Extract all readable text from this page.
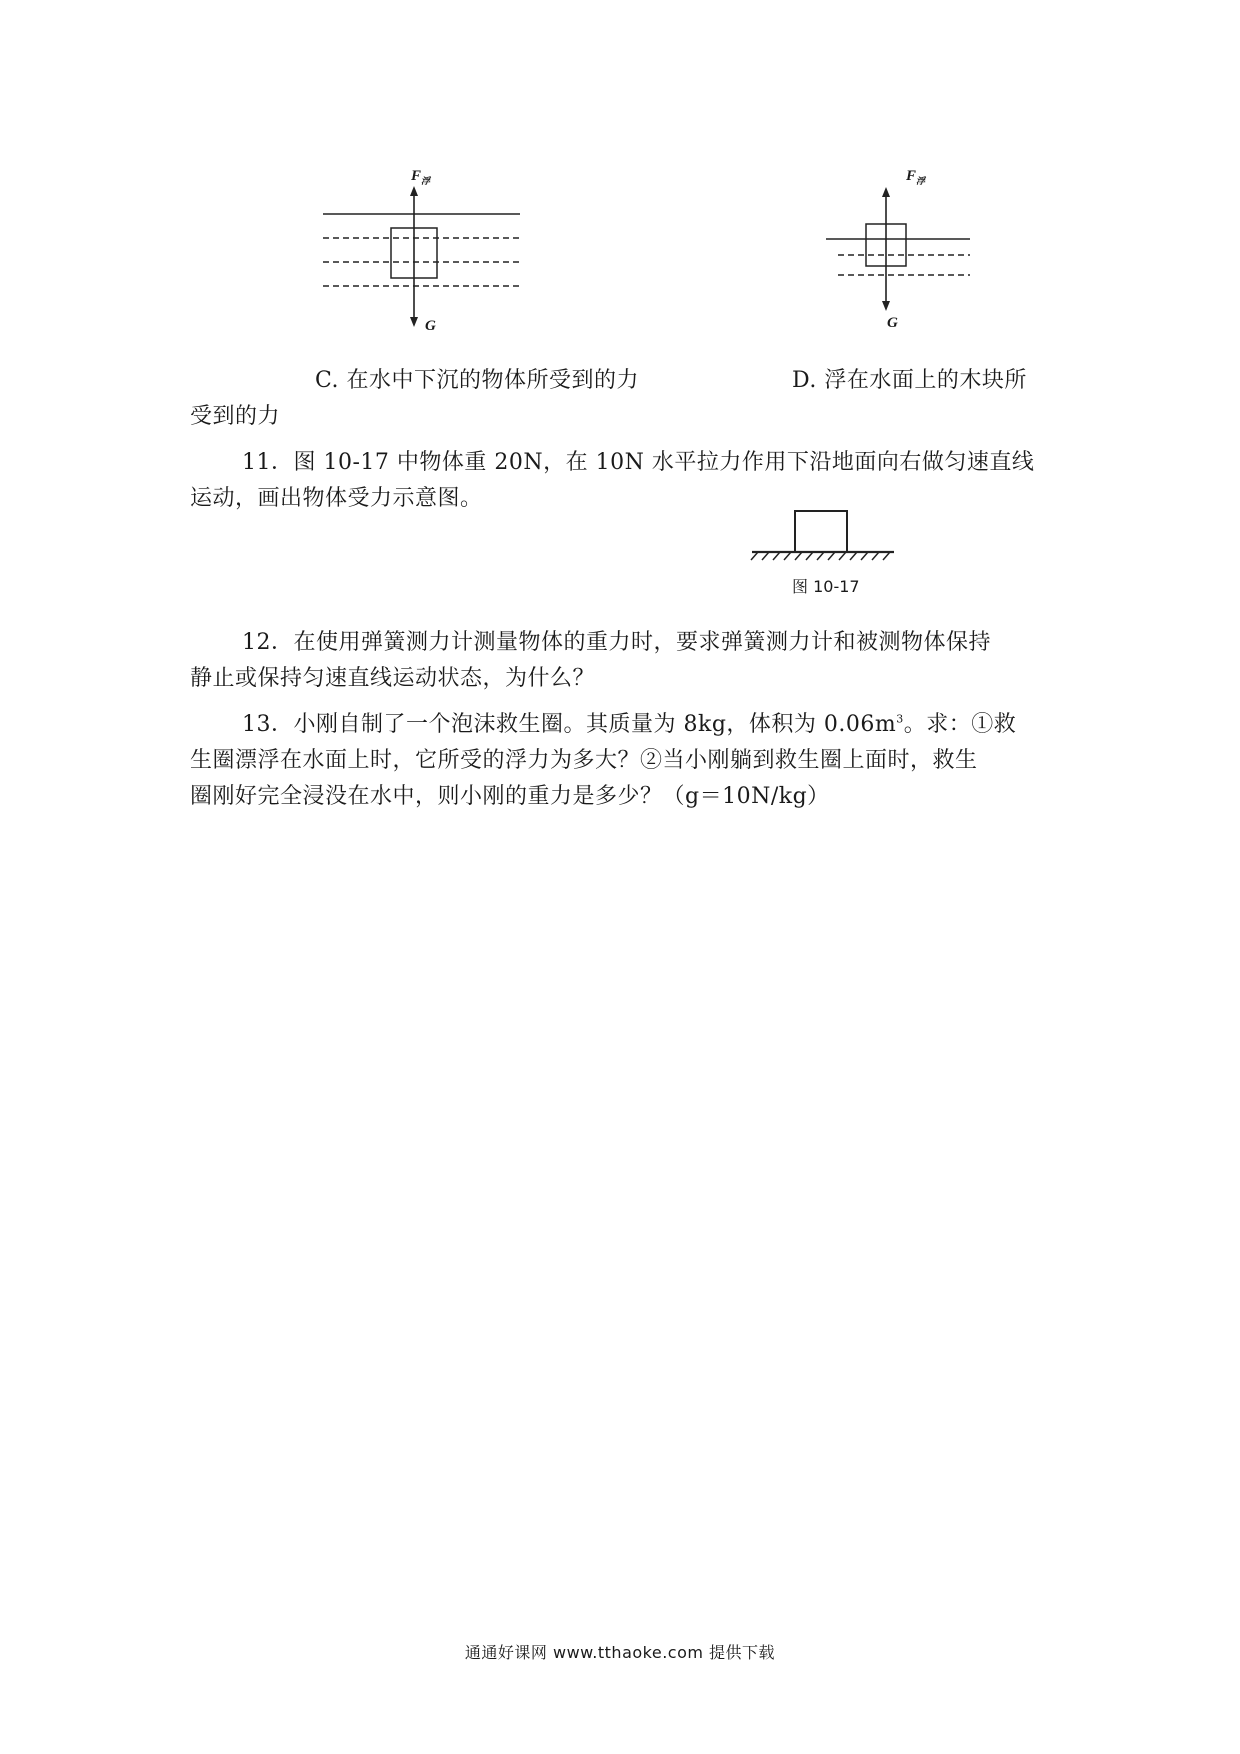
$F_浮$
G
$F_浮$
G
C. 在水中下沉的物体所受到的力	D. 浮在水面上的木块所
受到的力
11．图 10-17 中物体重 20N，在 10N 水平拉力作用下沿地面向右做匀速直线
运动，画出物体受力示意图。
图 10-17
12．在使用弹簧测力计测量物体的重力时，要求弹簧测力计和被测物体保持
静止或保持匀速直线运动状态，为什么？
13．小刚自制了一个泡沫救生圈。其质量为 8kg，体积为 $0.06m^3$。求：①救
生圈漂浮在水面上时，它所受的浮力为多大？②当小刚躺到救生圈上面时，救生
圈刚好完全浸没在水中，则小刚的重力是多少？（g＝10N/kg）
通通好课网 www.tthaoke.com 提供下载
